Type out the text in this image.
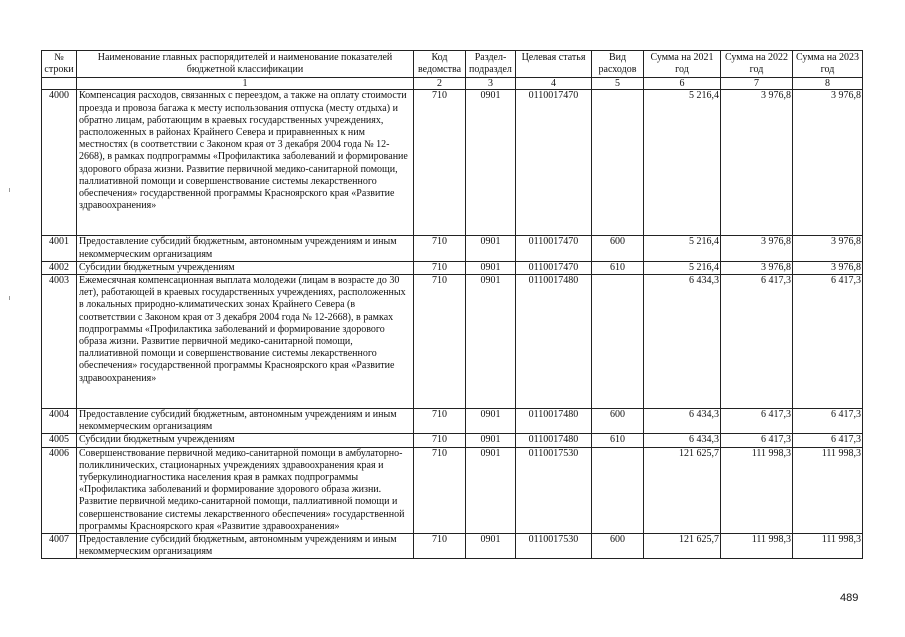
№ строки	Наименование главных распорядителей и наименование показателей бюджетной классификации	Код ведомства	Раздел-подраздел	Целевая статья	Вид расходов	Сумма на 2021 год	Сумма на 2022 год	Сумма на 2023 год
	1	2	3	4	5	6	7	8
4000	Компенсация расходов, связанных с переездом, а также на оплату стоимости проезда и провоза багажа к месту использования отпуска (месту отдыха) и обратно лицам, работающим в краевых государственных учреждениях, расположенных в районах Крайнего Севера и приравненных к ним местностях (в соответствии с Законом края от 3 декабря 2004 года № 12-2668), в рамках подпрограммы «Профилактика заболеваний и формирование здорового образа жизни. Развитие первичной медико-санитарной помощи, паллиативной помощи и совершенствование системы лекарственного обеспечения» государственной программы Красноярского края «Развитие здравоохранения»	710	0901	0110017470		5 216,4	3 976,8	3 976,8
4001	Предоставление субсидий бюджетным, автономным учреждениям и иным некоммерческим организациям	710	0901	0110017470	600	5 216,4	3 976,8	3 976,8
4002	Субсидии бюджетным учреждениям	710	0901	0110017470	610	5 216,4	3 976,8	3 976,8
4003	Ежемесячная компенсационная выплата молодежи (лицам в возрасте до 30 лет), работающей в краевых государственных учреждениях, расположенных в локальных природно-климатических зонах Крайнего Севера (в соответствии с Законом края от 3 декабря 2004 года № 12-2668), в рамках подпрограммы «Профилактика заболеваний и формирование здорового образа жизни. Развитие первичной медико-санитарной помощи, паллиативной помощи и совершенствование системы лекарственного обеспечения» государственной программы Красноярского края «Развитие здравоохранения»	710	0901	0110017480		6 434,3	6 417,3	6 417,3
4004	Предоставление субсидий бюджетным, автономным учреждениям и иным некоммерческим организациям	710	0901	0110017480	600	6 434,3	6 417,3	6 417,3
4005	Субсидии бюджетным учреждениям	710	0901	0110017480	610	6 434,3	6 417,3	6 417,3
4006	Совершенствование первичной медико-санитарной помощи в амбулаторно-поликлинических, стационарных учреждениях здравоохранения края и туберкулинодиагностика населения края в рамках подпрограммы «Профилактика заболеваний и формирование здорового образа жизни. Развитие первичной медико-санитарной помощи, паллиативной помощи и совершенствование системы лекарственного обеспечения» государственной программы Красноярского края «Развитие здравоохранения»	710	0901	0110017530		121 625,7	111 998,3	111 998,3
4007	Предоставление субсидий бюджетным, автономным учреждениям и иным некоммерческим организациям	710	0901	0110017530	600	121 625,7	111 998,3	111 998,3
489
